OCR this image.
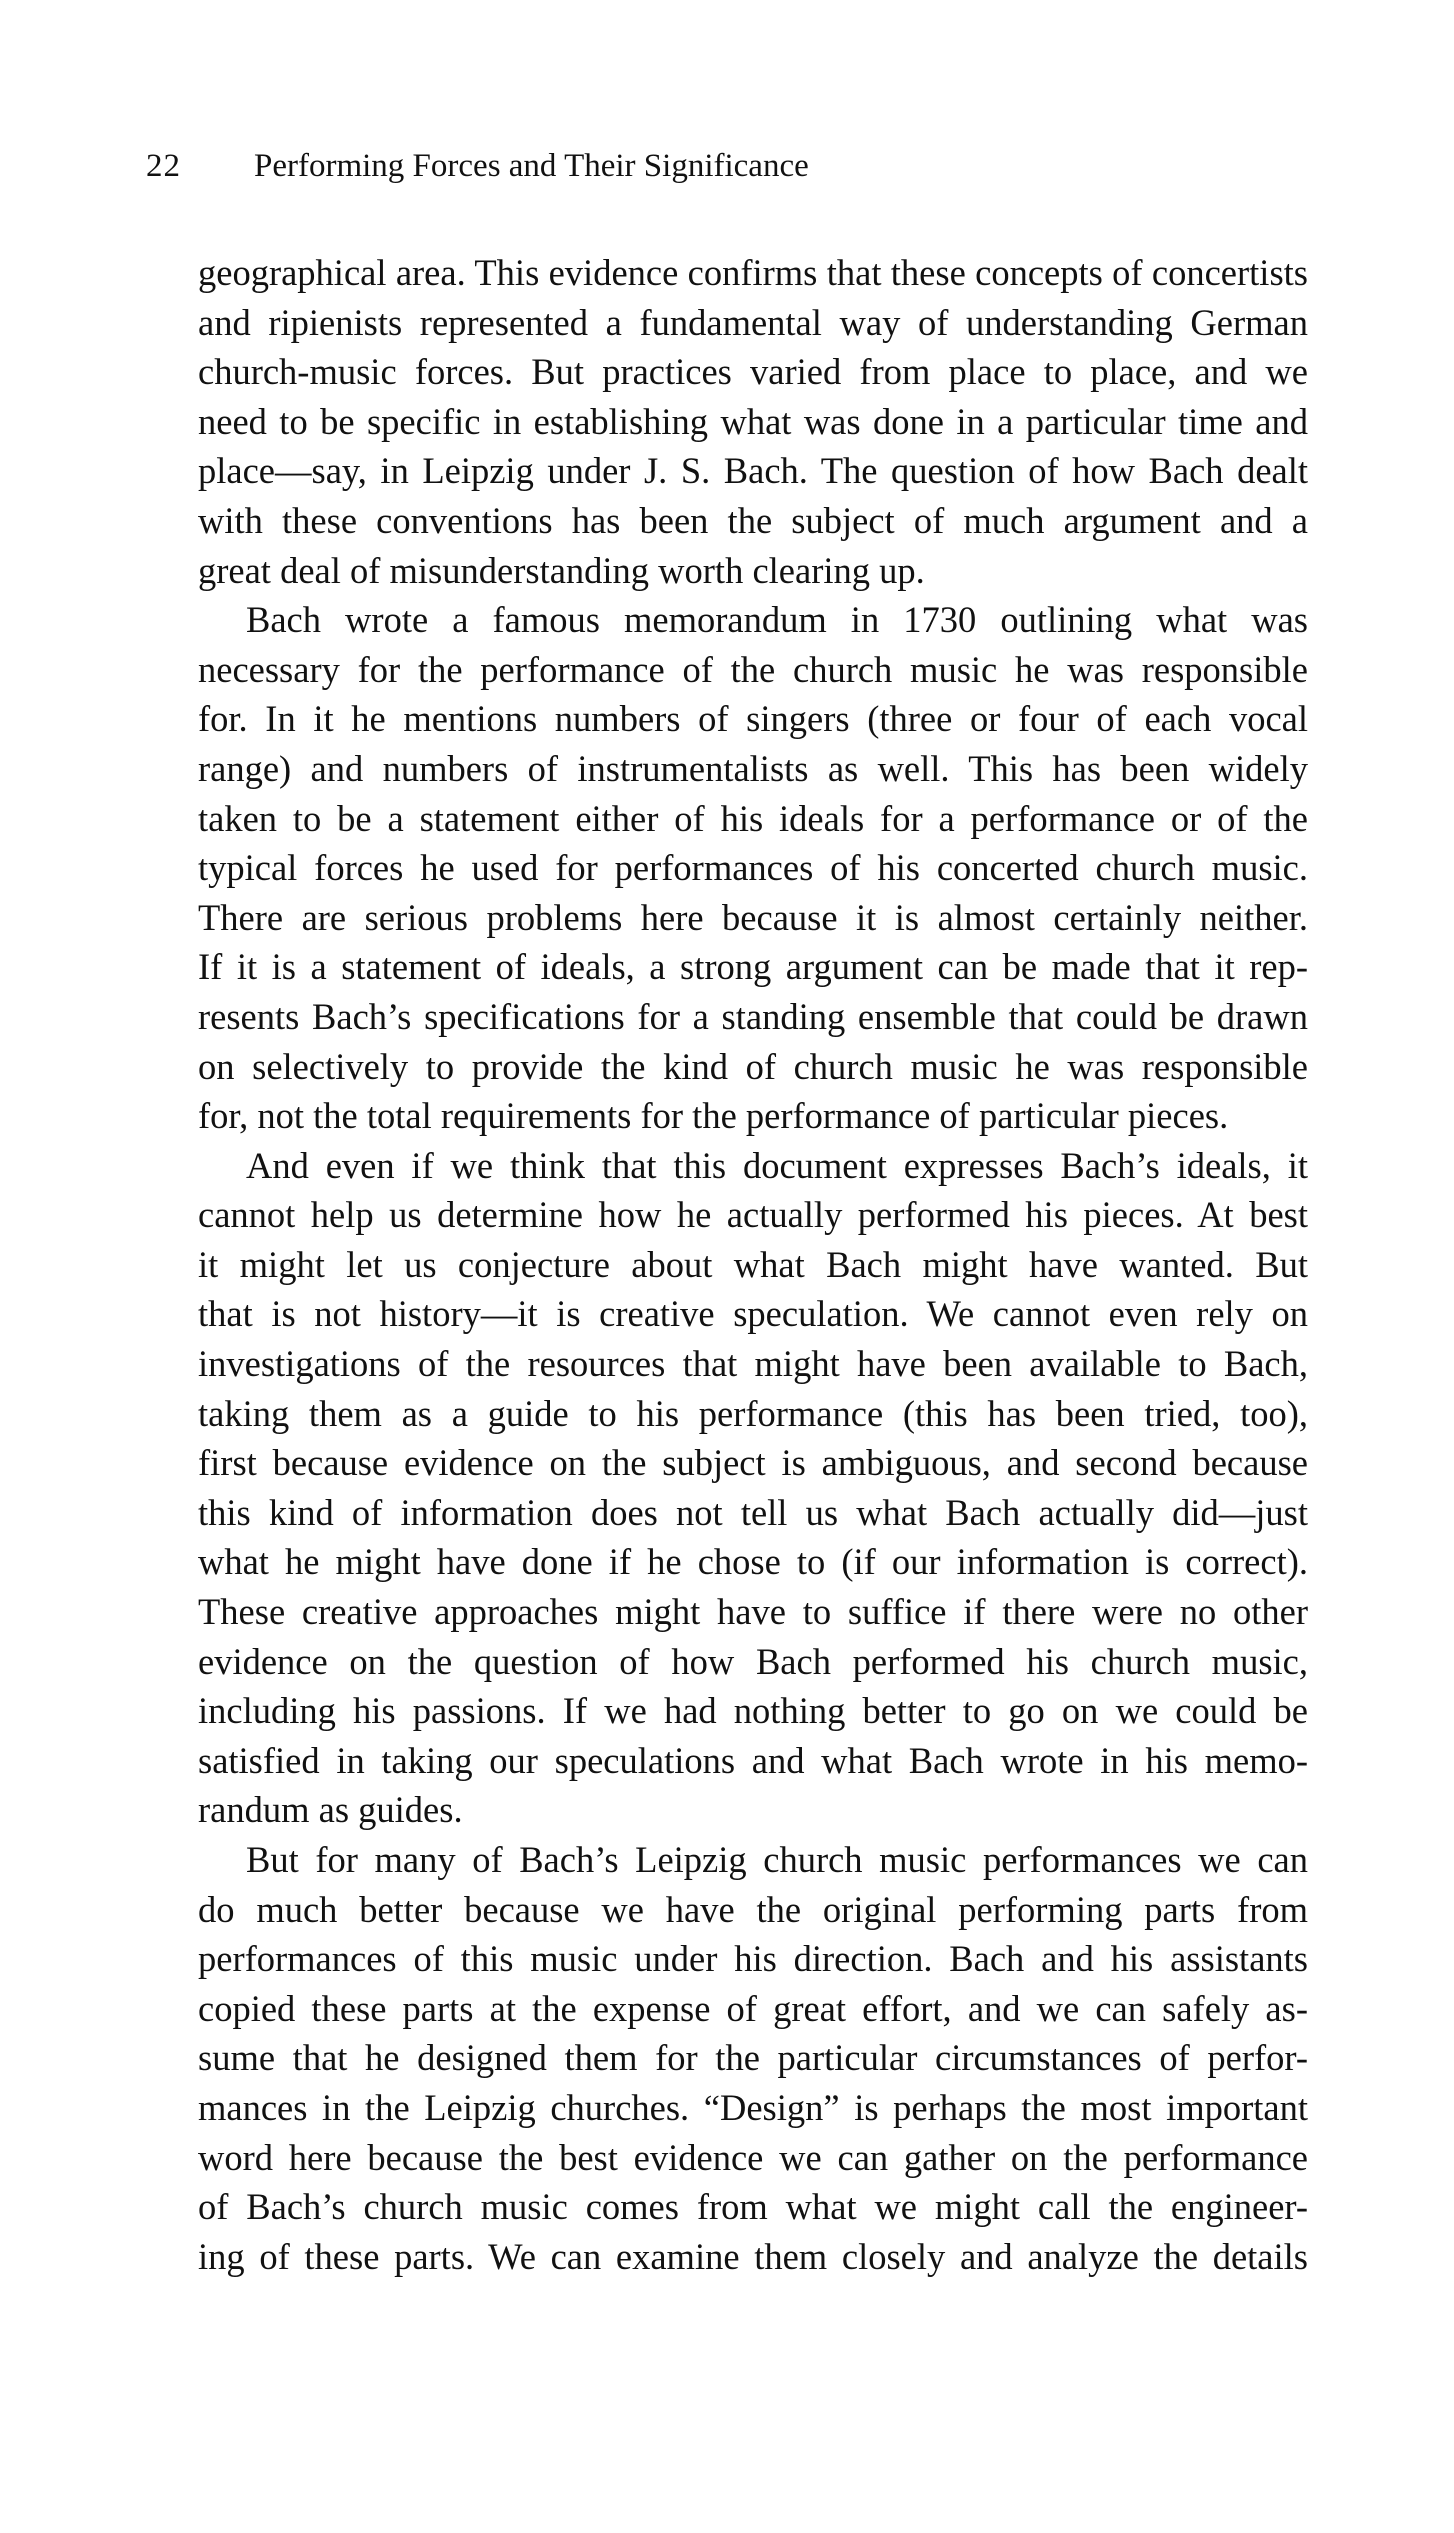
22 Performing Forces and Their Significance
geographical area. This evidence confirms that these concepts of concertists
and ripienists represented a fundamental way of understanding German
church-music forces. But practices varied from place to place, and we
need to be specific in establishing what was done in a particular time and
place—say, in Leipzig under J. S. Bach. The question of how Bach dealt
with these conventions has been the subject of much argument and a
great deal of misunderstanding worth clearing up.
Bach wrote a famous memorandum in 1730 outlining what was
necessary for the performance of the church music he was responsible
for. In it he mentions numbers of singers (three or four of each vocal
range) and numbers of instrumentalists as well. This has been widely
taken to be a statement either of his ideals for a performance or of the
typical forces he used for performances of his concerted church music.
There are serious problems here because it is almost certainly neither.
If it is a statement of ideals, a strong argument can be made that it rep-
resents Bach’s specifications for a standing ensemble that could be drawn
on selectively to provide the kind of church music he was responsible
for, not the total requirements for the performance of particular pieces.
And even if we think that this document expresses Bach’s ideals, it
cannot help us determine how he actually performed his pieces. At best
it might let us conjecture about what Bach might have wanted. But
that is not history—it is creative speculation. We cannot even rely on
investigations of the resources that might have been available to Bach,
taking them as a guide to his performance (this has been tried, too),
first because evidence on the subject is ambiguous, and second because
this kind of information does not tell us what Bach actually did—just
what he might have done if he chose to (if our information is correct).
These creative approaches might have to suffice if there were no other
evidence on the question of how Bach performed his church music,
including his passions. If we had nothing better to go on we could be
satisfied in taking our speculations and what Bach wrote in his memo-
randum as guides.
But for many of Bach’s Leipzig church music performances we can
do much better because we have the original performing parts from
performances of this music under his direction. Bach and his assistants
copied these parts at the expense of great effort, and we can safely as-
sume that he designed them for the particular circumstances of perfor-
mances in the Leipzig churches. “Design” is perhaps the most important
word here because the best evidence we can gather on the performance
of Bach’s church music comes from what we might call the engineer-
ing of these parts. We can examine them closely and analyze the details
